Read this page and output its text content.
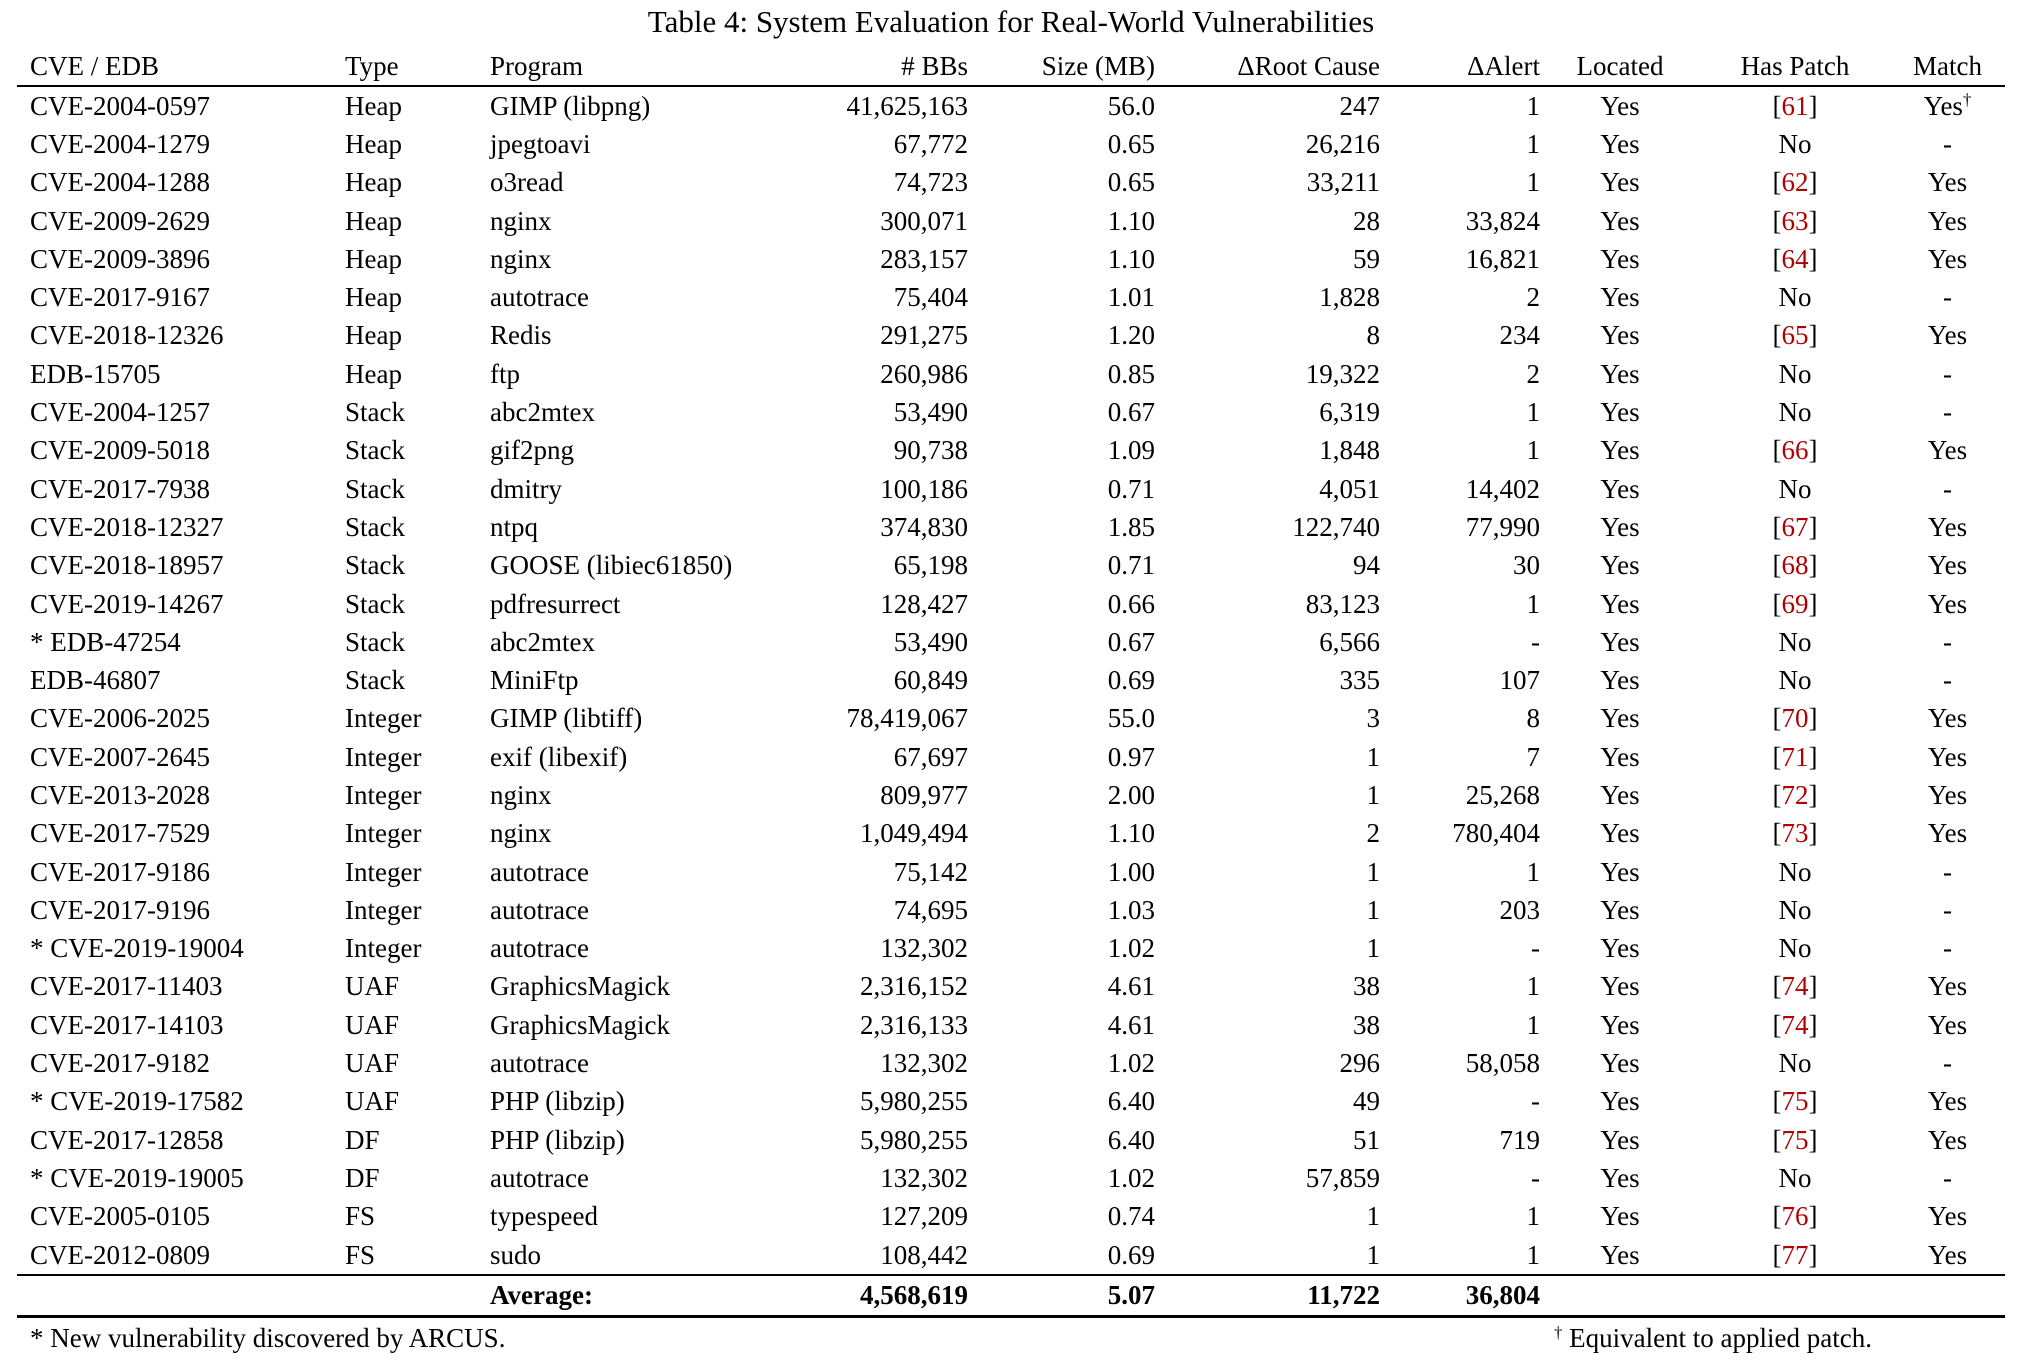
Table 4: System Evaluation for Real-World Vulnerabilities
CVE / EDB	Type	Program	# BBs	Size (MB)	ΔRoot Cause	ΔAlert	Located	Has Patch	Match
CVE-2004-0597	Heap	GIMP (libpng)	41,625,163	56.0	247	1	Yes	[61]	Yes†
CVE-2004-1279	Heap	jpegtoavi	67,772	0.65	26,216	1	Yes	No	-
CVE-2004-1288	Heap	o3read	74,723	0.65	33,211	1	Yes	[62]	Yes
CVE-2009-2629	Heap	nginx	300,071	1.10	28	33,824	Yes	[63]	Yes
CVE-2009-3896	Heap	nginx	283,157	1.10	59	16,821	Yes	[64]	Yes
CVE-2017-9167	Heap	autotrace	75,404	1.01	1,828	2	Yes	No	-
CVE-2018-12326	Heap	Redis	291,275	1.20	8	234	Yes	[65]	Yes
EDB-15705	Heap	ftp	260,986	0.85	19,322	2	Yes	No	-
CVE-2004-1257	Stack	abc2mtex	53,490	0.67	6,319	1	Yes	No	-
CVE-2009-5018	Stack	gif2png	90,738	1.09	1,848	1	Yes	[66]	Yes
CVE-2017-7938	Stack	dmitry	100,186	0.71	4,051	14,402	Yes	No	-
CVE-2018-12327	Stack	ntpq	374,830	1.85	122,740	77,990	Yes	[67]	Yes
CVE-2018-18957	Stack	GOOSE (libiec61850)	65,198	0.71	94	30	Yes	[68]	Yes
CVE-2019-14267	Stack	pdfresurrect	128,427	0.66	83,123	1	Yes	[69]	Yes
* EDB-47254	Stack	abc2mtex	53,490	0.67	6,566	-	Yes	No	-
EDB-46807	Stack	MiniFtp	60,849	0.69	335	107	Yes	No	-
CVE-2006-2025	Integer	GIMP (libtiff)	78,419,067	55.0	3	8	Yes	[70]	Yes
CVE-2007-2645	Integer	exif (libexif)	67,697	0.97	1	7	Yes	[71]	Yes
CVE-2013-2028	Integer	nginx	809,977	2.00	1	25,268	Yes	[72]	Yes
CVE-2017-7529	Integer	nginx	1,049,494	1.10	2	780,404	Yes	[73]	Yes
CVE-2017-9186	Integer	autotrace	75,142	1.00	1	1	Yes	No	-
CVE-2017-9196	Integer	autotrace	74,695	1.03	1	203	Yes	No	-
* CVE-2019-19004	Integer	autotrace	132,302	1.02	1	-	Yes	No	-
CVE-2017-11403	UAF	GraphicsMagick	2,316,152	4.61	38	1	Yes	[74]	Yes
CVE-2017-14103	UAF	GraphicsMagick	2,316,133	4.61	38	1	Yes	[74]	Yes
CVE-2017-9182	UAF	autotrace	132,302	1.02	296	58,058	Yes	No	-
* CVE-2019-17582	UAF	PHP (libzip)	5,980,255	6.40	49	-	Yes	[75]	Yes
CVE-2017-12858	DF	PHP (libzip)	5,980,255	6.40	51	719	Yes	[75]	Yes
* CVE-2019-19005	DF	autotrace	132,302	1.02	57,859	-	Yes	No	-
CVE-2005-0105	FS	typespeed	127,209	0.74	1	1	Yes	[76]	Yes
CVE-2012-0809	FS	sudo	108,442	0.69	1	1	Yes	[77]	Yes
		Average:	4,568,619	5.07	11,722	36,804			
* New vulnerability discovered by ARCUS.	† Equivalent to applied patch.
